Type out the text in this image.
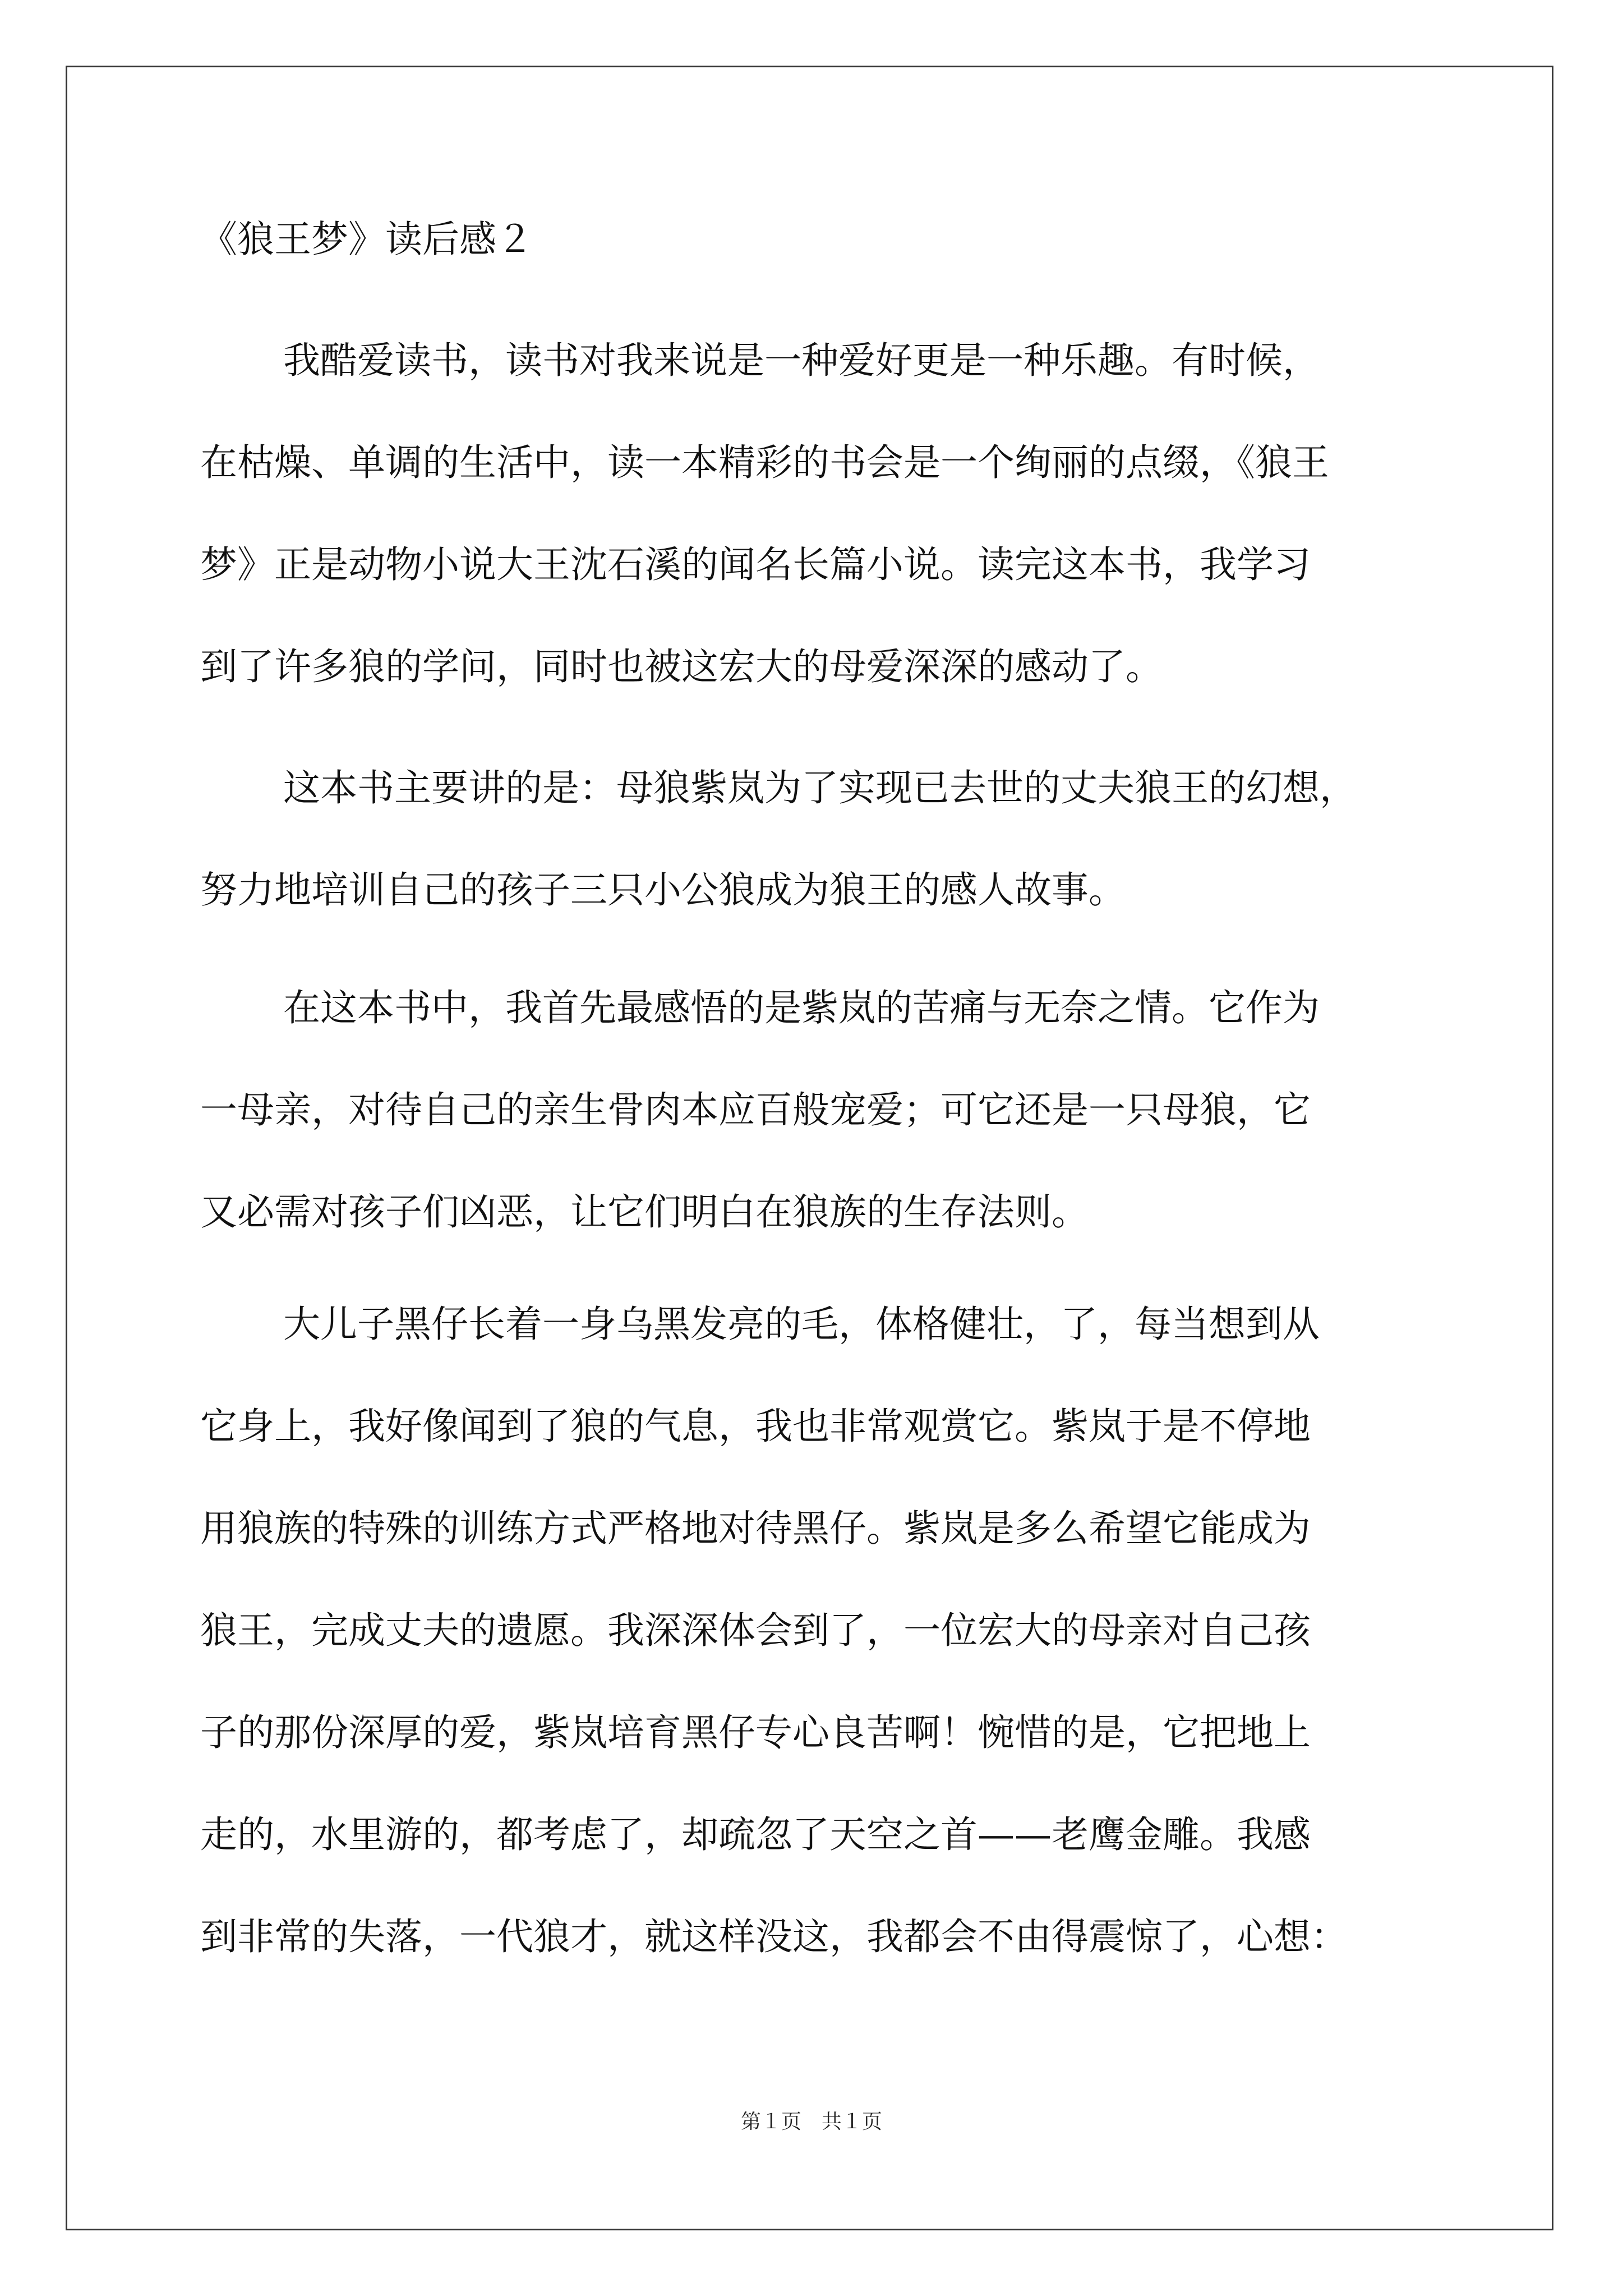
《狼王梦》读后感２

我酷爱读书，读书对我来说是一种爱好更是一种乐趣。有时候，

在枯燥、单调的生活中，读一本精彩的书会是一个绚丽的点缀，《狼王

梦》正是动物小说大王沈石溪的闻名长篇小说。读完这本书，我学习

到了许多狼的学问，同时也被这宏大的母爱深深的感动了。

这本书主要讲的是：母狼紫岚为了实现已去世的丈夫狼王的幻想，

努力地培训自己的孩子三只小公狼成为狼王的感人故事。

在这本书中，我首先最感悟的是紫岚的苦痛与无奈之情。它作为

一母亲，对待自己的亲生骨肉本应百般宠爱；可它还是一只母狼，它

又必需对孩子们凶恶，让它们明白在狼族的生存法则。

大儿子黑仔长着一身乌黑发亮的毛，体格健壮，了，每当想到从

它身上，我好像闻到了狼的气息，我也非常观赏它。紫岚于是不停地

用狼族的特殊的训练方式严格地对待黑仔。紫岚是多么希望它能成为

狼王，完成丈夫的遗愿。我深深体会到了，一位宏大的母亲对自己孩

子的那份深厚的爱，紫岚培育黑仔专心良苦啊！惋惜的是，它把地上

走的，水里游的，都考虑了，却疏忽了天空之首——老鹰金雕。我感

到非常的失落，一代狼才，就这样没这，我都会不由得震惊了，心想：

第１页　共１页
